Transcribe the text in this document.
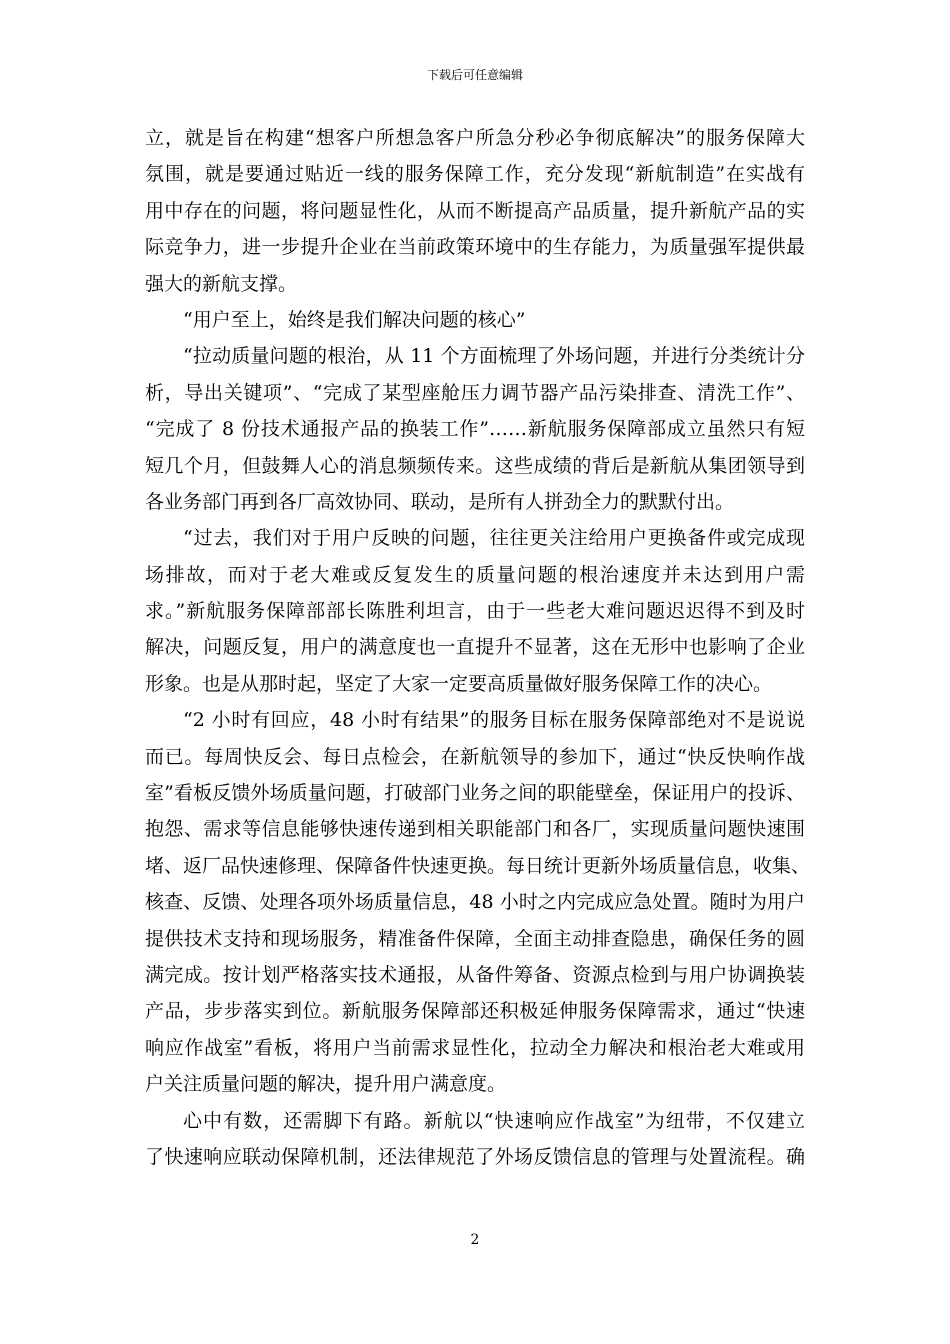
下载后可任意编辑
立，就是旨在构建“想客户所想急客户所急分秒必争彻底解决”的服务保障大
氛围，就是要通过贴近一线的服务保障工作，充分发现“新航制造”在实战有
用中存在的问题，将问题显性化，从而不断提高产品质量，提升新航产品的实
际竞争力，进一步提升企业在当前政策环境中的生存能力，为质量强军提供最
强大的新航支撑。
“用户至上，始终是我们解决问题的核心”
“拉动质量问题的根治，从 11 个方面梳理了外场问题，并进行分类统计分
析，导出关键项”、“完成了某型座舱压力调节器产品污染排查、清洗工作”、
“完成了 8 份技术通报产品的换装工作”……新航服务保障部成立虽然只有短
短几个月，但鼓舞人心的消息频频传来。这些成绩的背后是新航从集团领导到
各业务部门再到各厂高效协同、联动，是所有人拼劲全力的默默付出。
“过去，我们对于用户反映的问题，往往更关注给用户更换备件或完成现
场排故，而对于老大难或反复发生的质量问题的根治速度并未达到用户需
求。”新航服务保障部部长陈胜利坦言，由于一些老大难问题迟迟得不到及时
解决，问题反复，用户的满意度也一直提升不显著，这在无形中也影响了企业
形象。也是从那时起，坚定了大家一定要高质量做好服务保障工作的决心。
“2 小时有回应，48 小时有结果”的服务目标在服务保障部绝对不是说说
而已。每周快反会、每日点检会，在新航领导的参加下，通过“快反快响作战
室”看板反馈外场质量问题，打破部门业务之间的职能壁垒，保证用户的投诉、
抱怨、需求等信息能够快速传递到相关职能部门和各厂，实现质量问题快速围
堵、返厂品快速修理、保障备件快速更换。每日统计更新外场质量信息，收集、
核查、反馈、处理各项外场质量信息，48 小时之内完成应急处置。随时为用户
提供技术支持和现场服务，精准备件保障，全面主动排查隐患，确保任务的圆
满完成。按计划严格落实技术通报，从备件筹备、资源点检到与用户协调换装
产品，步步落实到位。新航服务保障部还积极延伸服务保障需求，通过“快速
响应作战室”看板，将用户当前需求显性化，拉动全力解决和根治老大难或用
户关注质量问题的解决，提升用户满意度。
心中有数，还需脚下有路。新航以“快速响应作战室”为纽带，不仅建立
了快速响应联动保障机制，还法律规范了外场反馈信息的管理与处置流程。确
2
